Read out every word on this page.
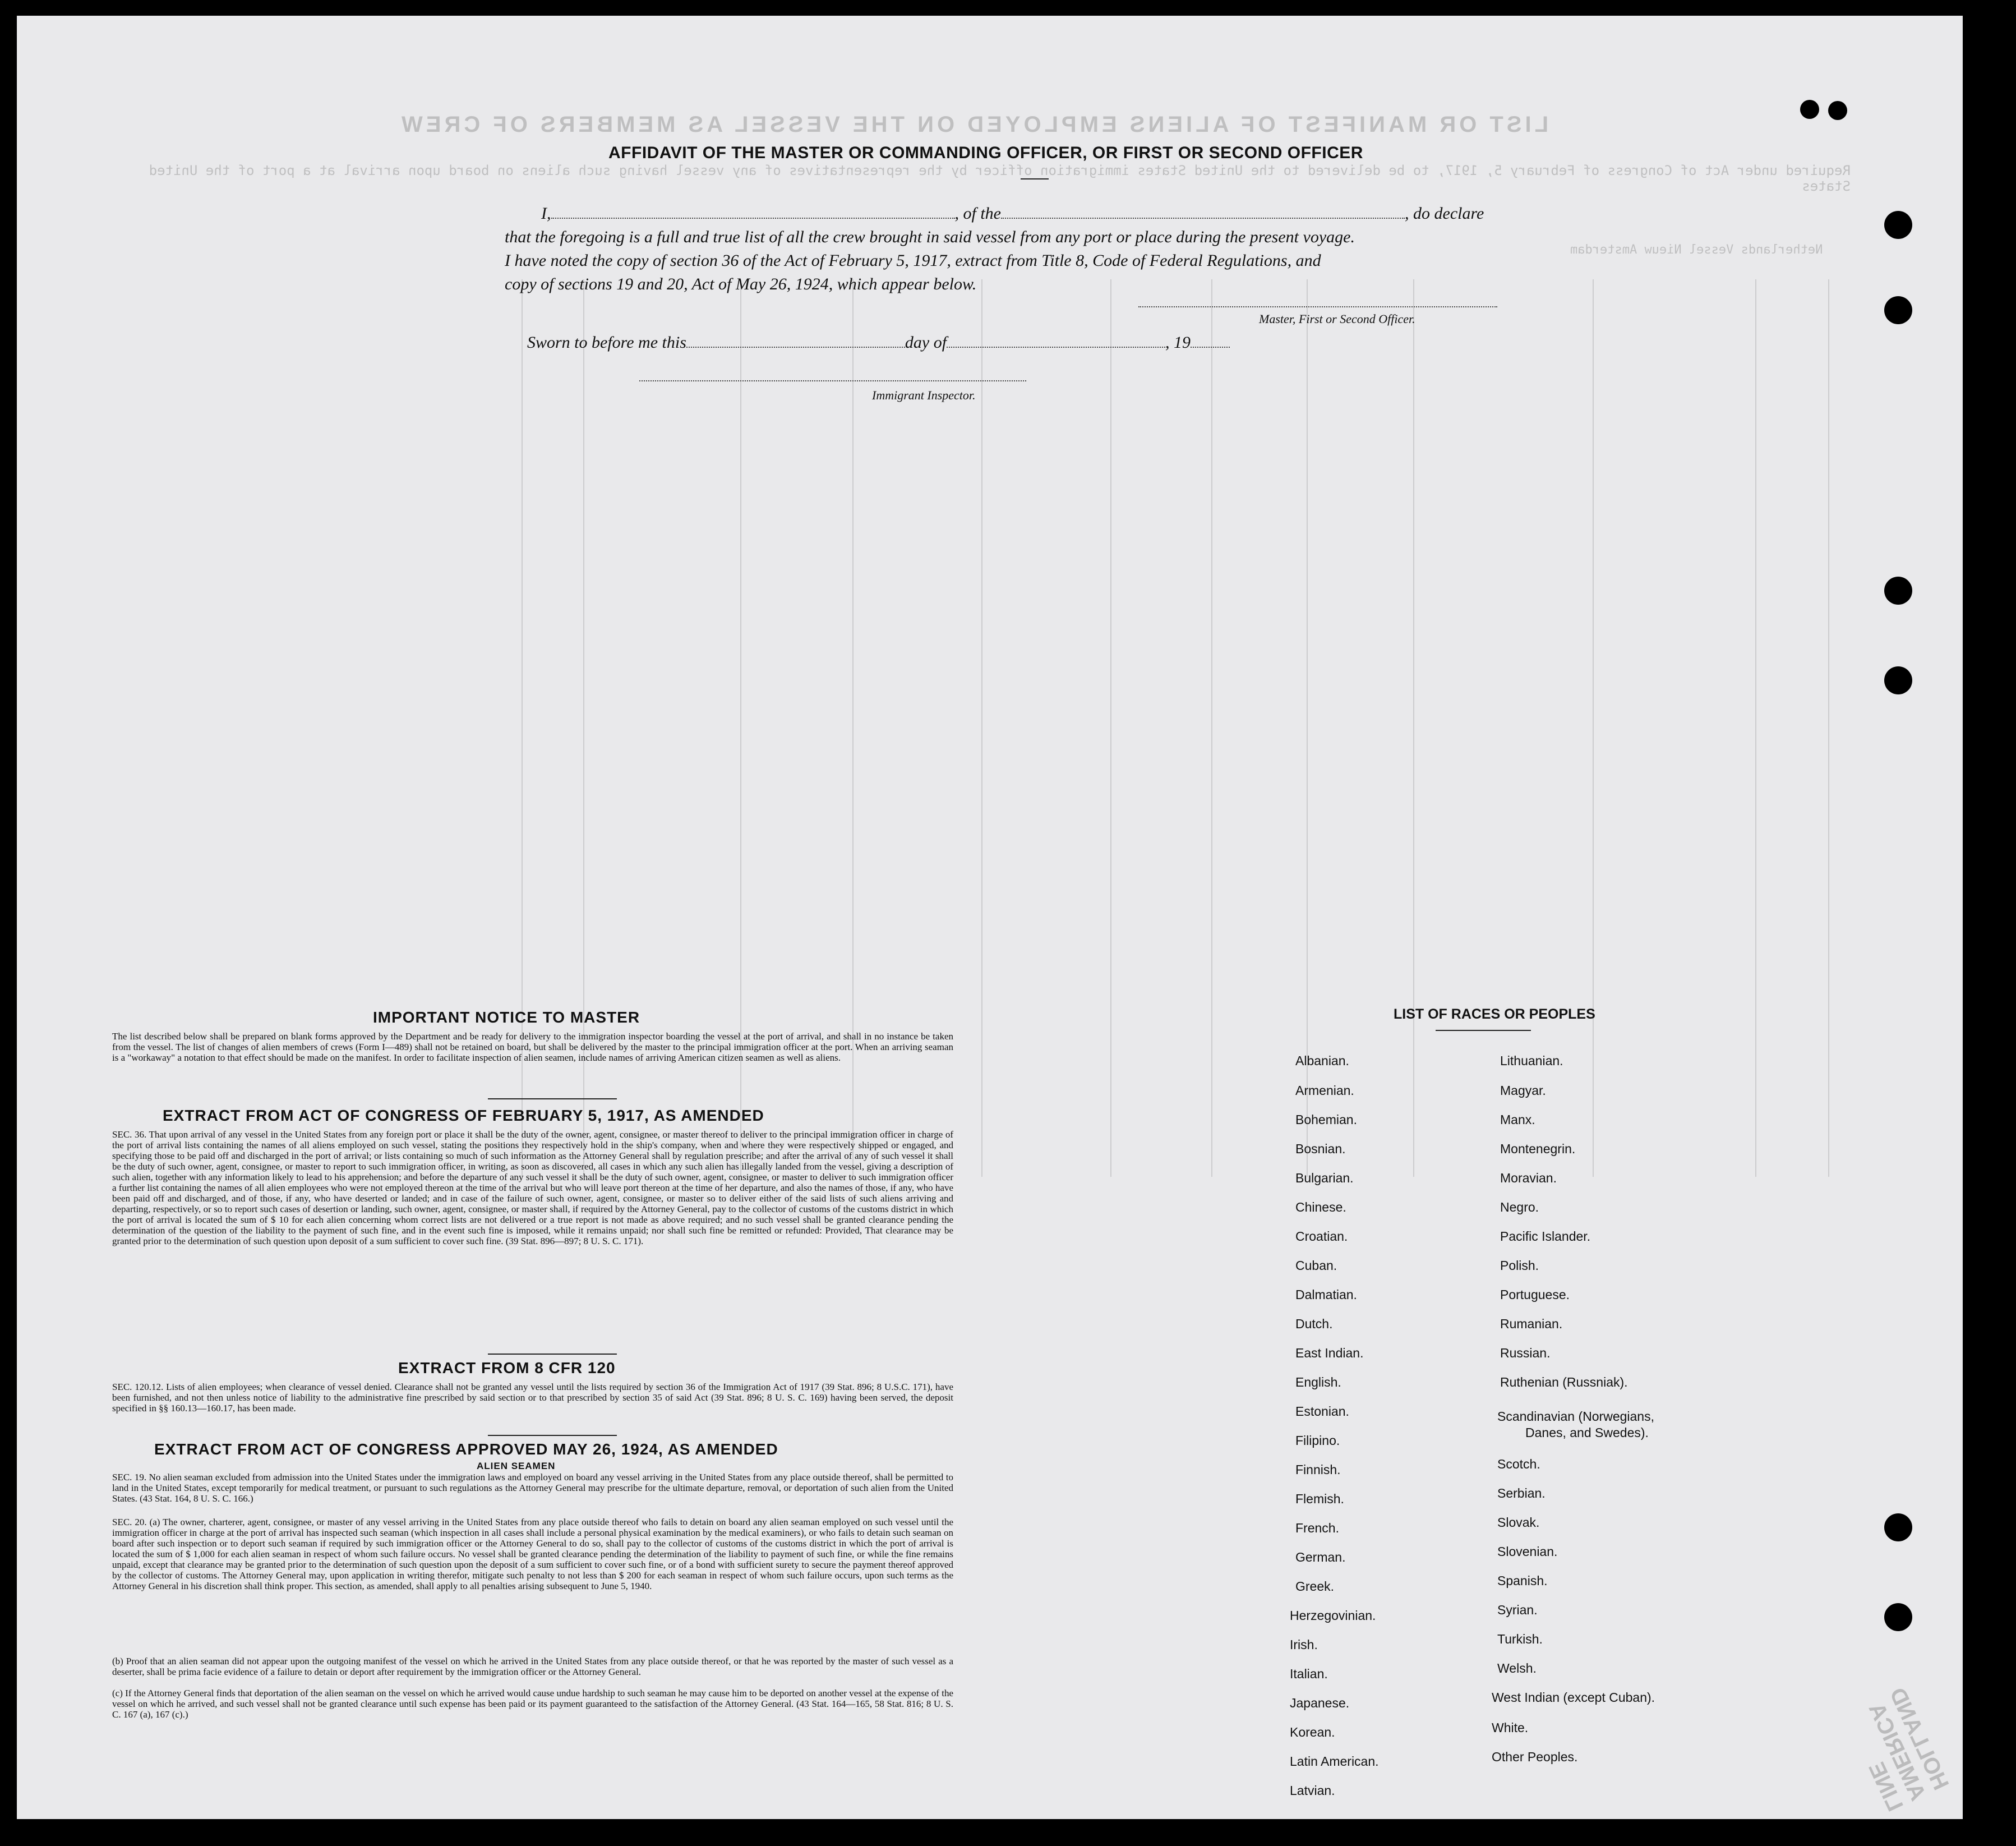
LIST OR MANIFEST OF ALIENS EMPLOYED ON THE VESSEL AS MEMBERS OF CREW
Required under Act of Congress of February 5, 1917, to be delivered to the United States immigration officer by the representatives of any vessel having such aliens on board upon arrival at a port of the United States
Netherlands Vessel Nieuw Amsterdam
AFFIDAVIT OF THE MASTER OR COMMANDING OFFICER, OR FIRST OR SECOND OFFICER
I,	, of the	, do declare
that the foregoing is a full and true list of all the crew brought in said vessel from any port or place during the present voyage.
I have noted the copy of section 36 of the Act of February 5, 1917, extract from Title 8, Code of Federal Regulations, and
copy of sections 19 and 20, Act of May 26, 1924, which appear below.
Master, First or Second Officer.
Sworn to before me this	day of	, 19
Immigrant Inspector.
IMPORTANT NOTICE TO MASTER
The list described below shall be prepared on blank forms approved by the Department and be ready for delivery to the immigration inspector boarding the vessel at the port of arrival, and shall in no instance be taken from the vessel. The list of changes of alien members of crews (Form I—489) shall not be retained on board, but shall be delivered by the master to the principal immigration officer at the port. When an arriving seaman is a "workaway" a notation to that effect should be made on the manifest. In order to facilitate inspection of alien seamen, include names of arriving American citizen seamen as well as aliens.
EXTRACT FROM ACT OF CONGRESS OF FEBRUARY 5, 1917, AS AMENDED
SEC. 36. That upon arrival of any vessel in the United States from any foreign port or place it shall be the duty of the owner, agent, consignee, or master thereof to deliver to the principal immigration officer in charge of the port of arrival lists containing the names of all aliens employed on such vessel, stating the positions they respectively hold in the ship's company, when and where they were respectively shipped or engaged, and specifying those to be paid off and discharged in the port of arrival; or lists containing so much of such information as the Attorney General shall by regulation prescribe; and after the arrival of any of such vessel it shall be the duty of such owner, agent, consignee, or master to report to such immigration officer, in writing, as soon as discovered, all cases in which any such alien has illegally landed from the vessel, giving a description of such alien, together with any information likely to lead to his apprehension; and before the departure of any such vessel it shall be the duty of such owner, agent, consignee, or master to deliver to such immigration officer a further list containing the names of all alien employees who were not employed thereon at the time of the arrival but who will leave port thereon at the time of her departure, and also the names of those, if any, who have been paid off and discharged, and of those, if any, who have deserted or landed; and in case of the failure of such owner, agent, consignee, or master so to deliver either of the said lists of such aliens arriving and departing, respectively, or so to report such cases of desertion or landing, such owner, agent, consignee, or master shall, if required by the Attorney General, pay to the collector of customs of the customs district in which the port of arrival is located the sum of $ 10 for each alien concerning whom correct lists are not delivered or a true report is not made as above required; and no such vessel shall be granted clearance pending the determination of the question of the liability to the payment of such fine, and in the event such fine is imposed, while it remains unpaid; nor shall such fine be remitted or refunded: Provided, That clearance may be granted prior to the determination of such question upon deposit of a sum sufficient to cover such fine. (39 Stat. 896—897; 8 U. S. C. 171).
EXTRACT FROM 8 CFR 120
SEC. 120.12. Lists of alien employees; when clearance of vessel denied. Clearance shall not be granted any vessel until the lists required by section 36 of the Immigration Act of 1917 (39 Stat. 896; 8 U.S.C. 171), have been furnished, and not then unless notice of liability to the administrative fine prescribed by said section or to that prescribed by section 35 of said Act (39 Stat. 896; 8 U. S. C. 169) having been served, the deposit specified in §§ 160.13—160.17, has been made.
EXTRACT FROM ACT OF CONGRESS APPROVED MAY 26, 1924, AS AMENDED
ALIEN SEAMEN
SEC. 19. No alien seaman excluded from admission into the United States under the immigration laws and employed on board any vessel arriving in the United States from any place outside thereof, shall be permitted to land in the United States, except temporarily for medical treatment, or pursuant to such regulations as the Attorney General may prescribe for the ultimate departure, removal, or deportation of such alien from the United States. (43 Stat. 164, 8 U. S. C. 166.)
SEC. 20. (a) The owner, charterer, agent, consignee, or master of any vessel arriving in the United States from any place outside thereof who fails to detain on board any alien seaman employed on such vessel until the immigration officer in charge at the port of arrival has inspected such seaman (which inspection in all cases shall include a personal physical examination by the medical examiners), or who fails to detain such seaman on board after such inspection or to deport such seaman if required by such immigration officer or the Attorney General to do so, shall pay to the collector of customs of the customs district in which the port of arrival is located the sum of $ 1,000 for each alien seaman in respect of whom such failure occurs. No vessel shall be granted clearance pending the determination of the liability to payment of such fine, or while the fine remains unpaid, except that clearance may be granted prior to the determination of such question upon the deposit of a sum sufficient to cover such fine, or of a bond with sufficient surety to secure the payment thereof approved by the collector of customs. The Attorney General may, upon application in writing therefor, mitigate such penalty to not less than $ 200 for each seaman in respect of whom such failure occurs, upon such terms as the Attorney General in his discretion shall think proper. This section, as amended, shall apply to all penalties arising subsequent to June 5, 1940.
(b) Proof that an alien seaman did not appear upon the outgoing manifest of the vessel on which he arrived in the United States from any place outside thereof, or that he was reported by the master of such vessel as a deserter, shall be prima facie evidence of a failure to detain or deport after requirement by the immigration officer or the Attorney General.
(c) If the Attorney General finds that deportation of the alien seaman on the vessel on which he arrived would cause undue hardship to such seaman he may cause him to be deported on another vessel at the expense of the vessel on which he arrived, and such vessel shall not be granted clearance until such expense has been paid or its payment guaranteed to the satisfaction of the Attorney General. (43 Stat. 164—165, 58 Stat. 816; 8 U. S. C. 167 (a), 167 (c).)
LIST OF RACES OR PEOPLES
Albanian.
Armenian.
Bohemian.
Bosnian.
Bulgarian.
Chinese.
Croatian.
Cuban.
Dalmatian.
Dutch.
East Indian.
English.
Estonian.
Filipino.
Finnish.
Flemish.
French.
German.
Greek.
Herzegovinian.
Irish.
Italian.
Japanese.
Korean.
Latin American.
Latvian.
Lithuanian.
Magyar.
Manx.
Montenegrin.
Moravian.
Negro.
Pacific Islander.
Polish.
Portuguese.
Rumanian.
Russian.
Ruthenian (Russniak).
Scandinavian (Norwegians,
Danes, and Swedes).
Scotch.
Serbian.
Slovak.
Slovenian.
Spanish.
Syrian.
Turkish.
Welsh.
West Indian (except Cuban).
White.
Other Peoples.	HOLLAND AMERICA LINE
